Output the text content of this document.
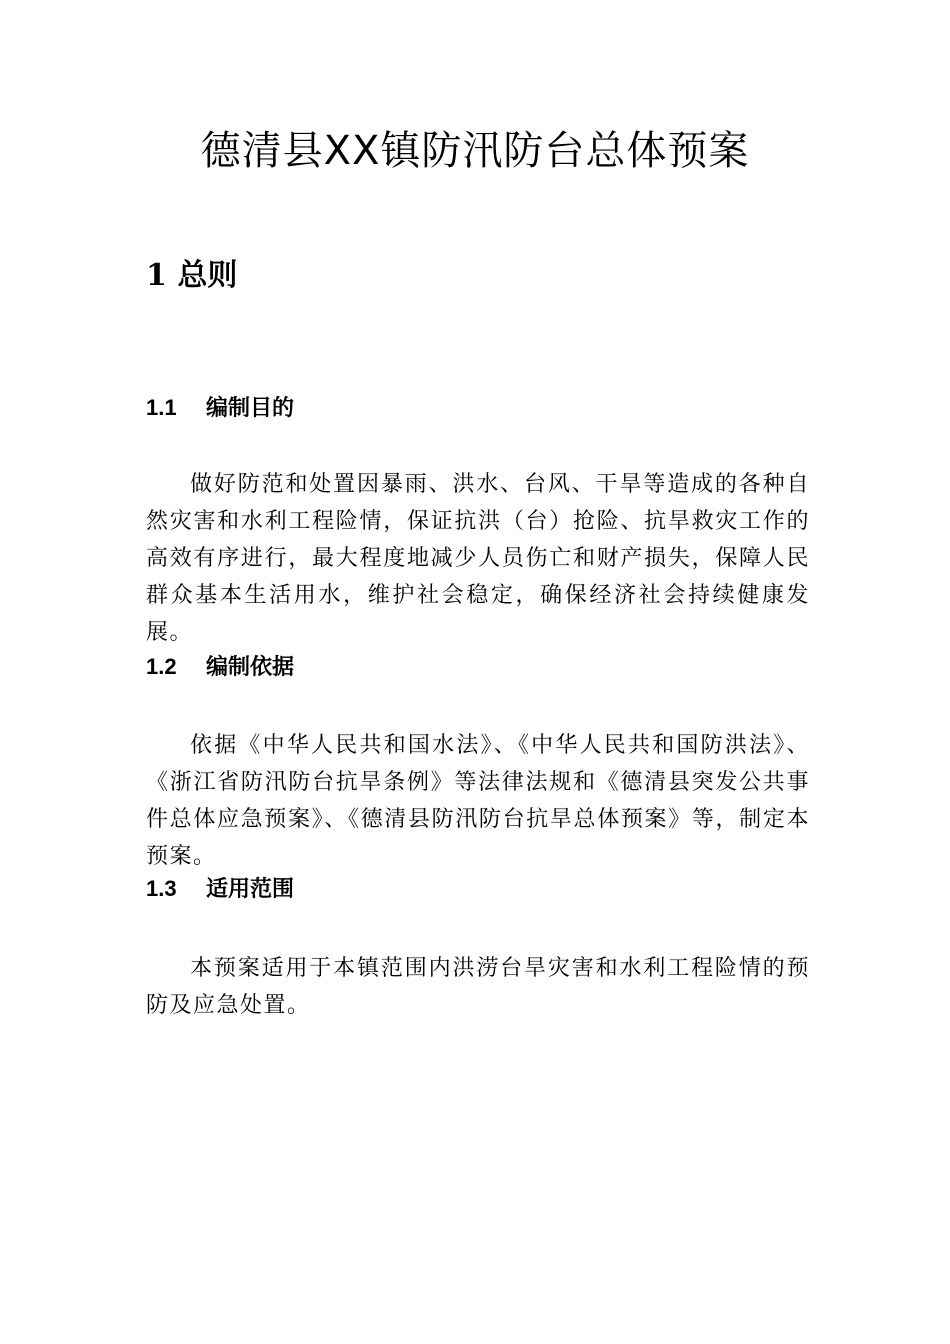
德清县XX镇防汛防台总体预案
1 总则
1.1 编制目的

做好防范和处置因暴雨、洪水、台风、干旱等造成的各种自然灾害和水利工程险情，保证抗洪（台）抢险、抗旱救灾工作的高效有序进行，最大程度地减少人员伤亡和财产损失，保障人民群众基本生活用水，维护社会稳定，确保经济社会持续健康发展。

1.2 编制依据

依据《中华人民共和国水法》、《中华人民共和国防洪法》、《浙江省防汛防台抗旱条例》等法律法规和《德清县突发公共事件总体应急预案》、《德清县防汛防台抗旱总体预案》等，制定本预案。

1.3 适用范围

本预案适用于本镇范围内洪涝台旱灾害和水利工程险情的预防及应急处置。
